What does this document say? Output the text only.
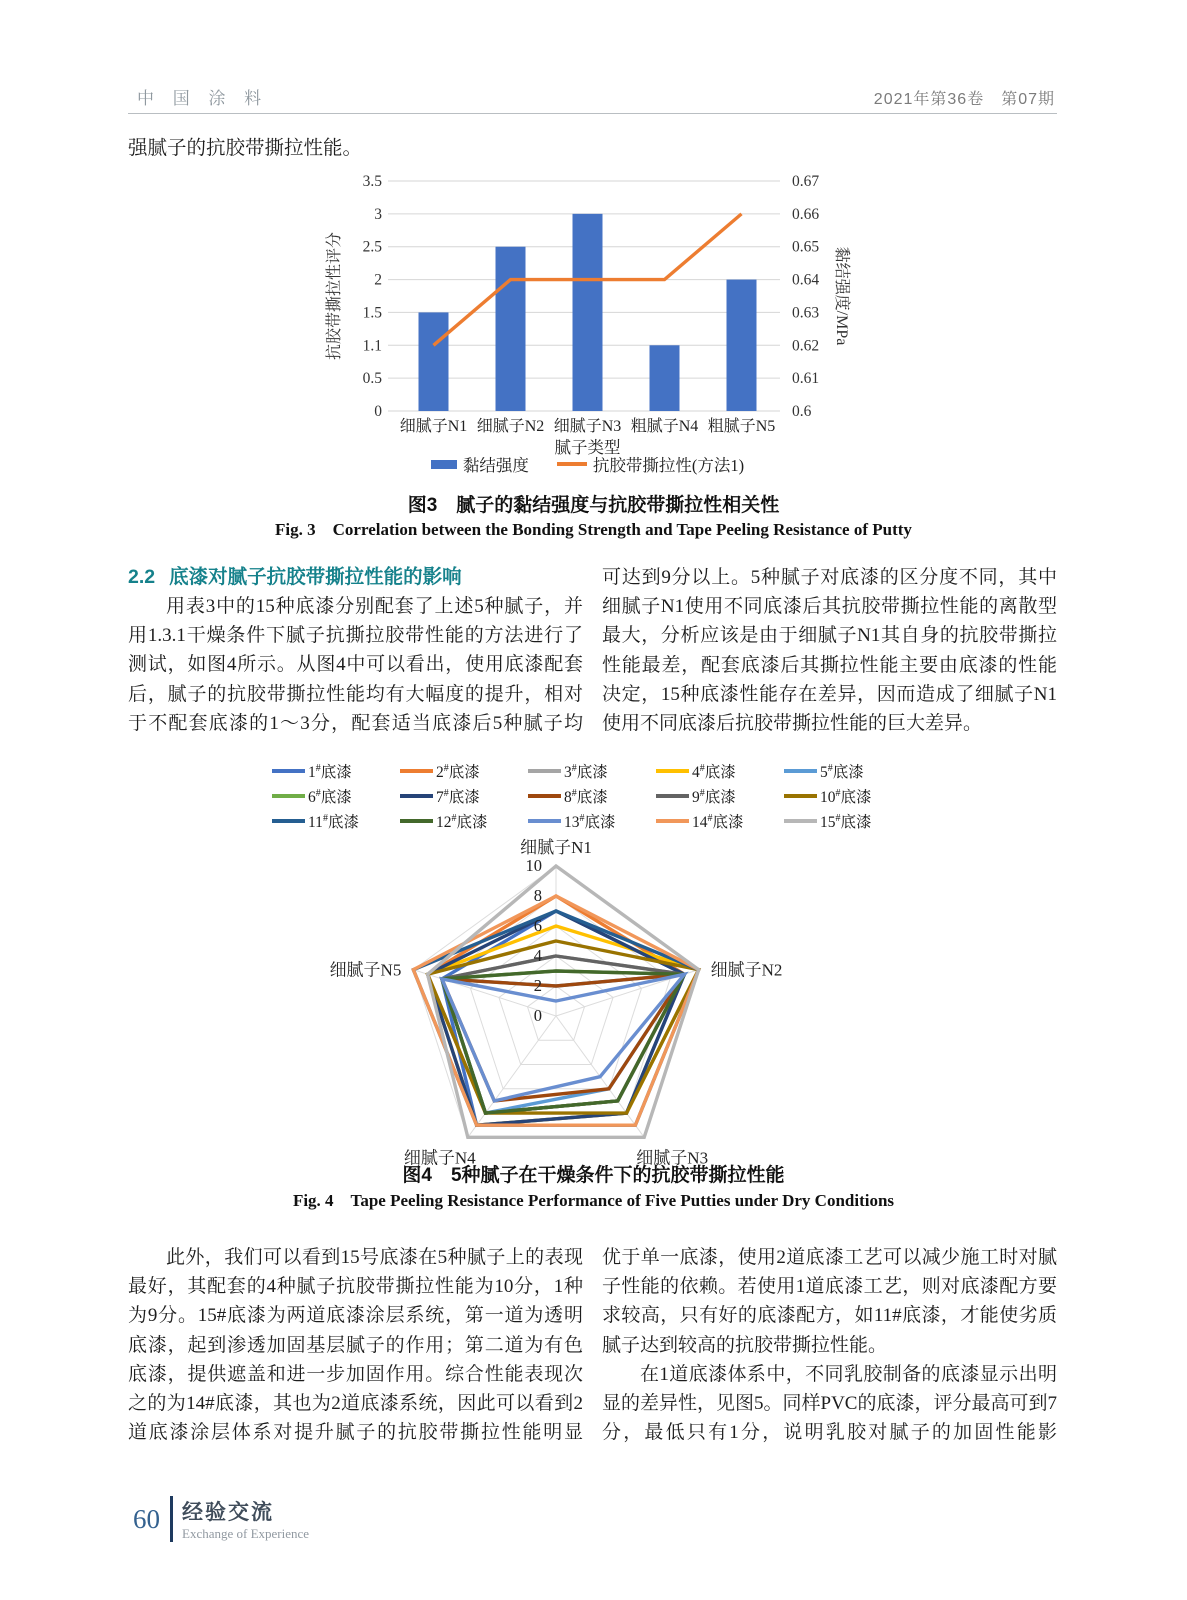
中 国 涂 料	2021年第36卷　第07期
强腻子的抗胶带撕拉性能。
0	0.6
0.5	0.61
1.1	0.62
1.5	0.63
2	0.64
2.5	0.65
3	0.66
3.5	0.67
抗胶带撕拉性评分	黏结强度/MPa
细腻子N1 细腻子N2 细腻子N3 粗腻子N4 粗腻子N5
腻子类型
黏结强度	抗胶带撕拉性(方法1)
图3　腻子的黏结强度与抗胶带撕拉性相关性
Fig. 3　Correlation between the Bonding Strength and Tape Peeling Resistance of Putty
2.2 底漆对腻子抗胶带撕拉性能的影响
用表3中的15种底漆分别配套了上述5种腻子，并用1.3.1干燥条件下腻子抗撕拉胶带性能的方法进行了测试，如图4所示。从图4中可以看出，使用底漆配套后，腻子的抗胶带撕拉性能均有大幅度的提升，相对于不配套底漆的1～3分，配套适当底漆后5种腻子均
可达到9分以上。5种腻子对底漆的区分度不同，其中细腻子N1使用不同底漆后其抗胶带撕拉性能的离散型最大，分析应该是由于细腻子N1其自身的抗胶带撕拉性能最差，配套底漆后其撕拉性能主要由底漆的性能决定，15种底漆性能存在差异，因而造成了细腻子N1使用不同底漆后抗胶带撕拉性能的巨大差异。
1#底漆	2#底漆	3#底漆	4#底漆	5#底漆
6#底漆	7#底漆	8#底漆	9#底漆	10#底漆
11#底漆	12#底漆	13#底漆	14#底漆	15#底漆
0
2
4
6
8
10
细腻子N1
细腻子N2
细腻子N3
细腻子N4
细腻子N5
图4　5种腻子在干燥条件下的抗胶带撕拉性能
Fig. 4　Tape Peeling Resistance Performance of Five Putties under Dry Conditions
此外，我们可以看到15号底漆在5种腻子上的表现最好，其配套的4种腻子抗胶带撕拉性能为10分，1种为9分。15#底漆为两道底漆涂层系统，第一道为透明底漆，起到渗透加固基层腻子的作用；第二道为有色底漆，提供遮盖和进一步加固作用。综合性能表现次之的为14#底漆，其也为2道底漆系统，因此可以看到2道底漆涂层体系对提升腻子的抗胶带撕拉性能明显

优于单一底漆，使用2道底漆工艺可以减少施工时对腻子性能的依赖。若使用1道底漆工艺，则对底漆配方要求较高，只有好的底漆配方，如11#底漆，才能使劣质腻子达到较高的抗胶带撕拉性能。

在1道底漆体系中，不同乳胶制备的底漆显示出明显的差异性，见图5。同样PVC的底漆，评分最高可到7分，最低只有1分，说明乳胶对腻子的加固性能影

60 经验交流
Exchange of Experience
